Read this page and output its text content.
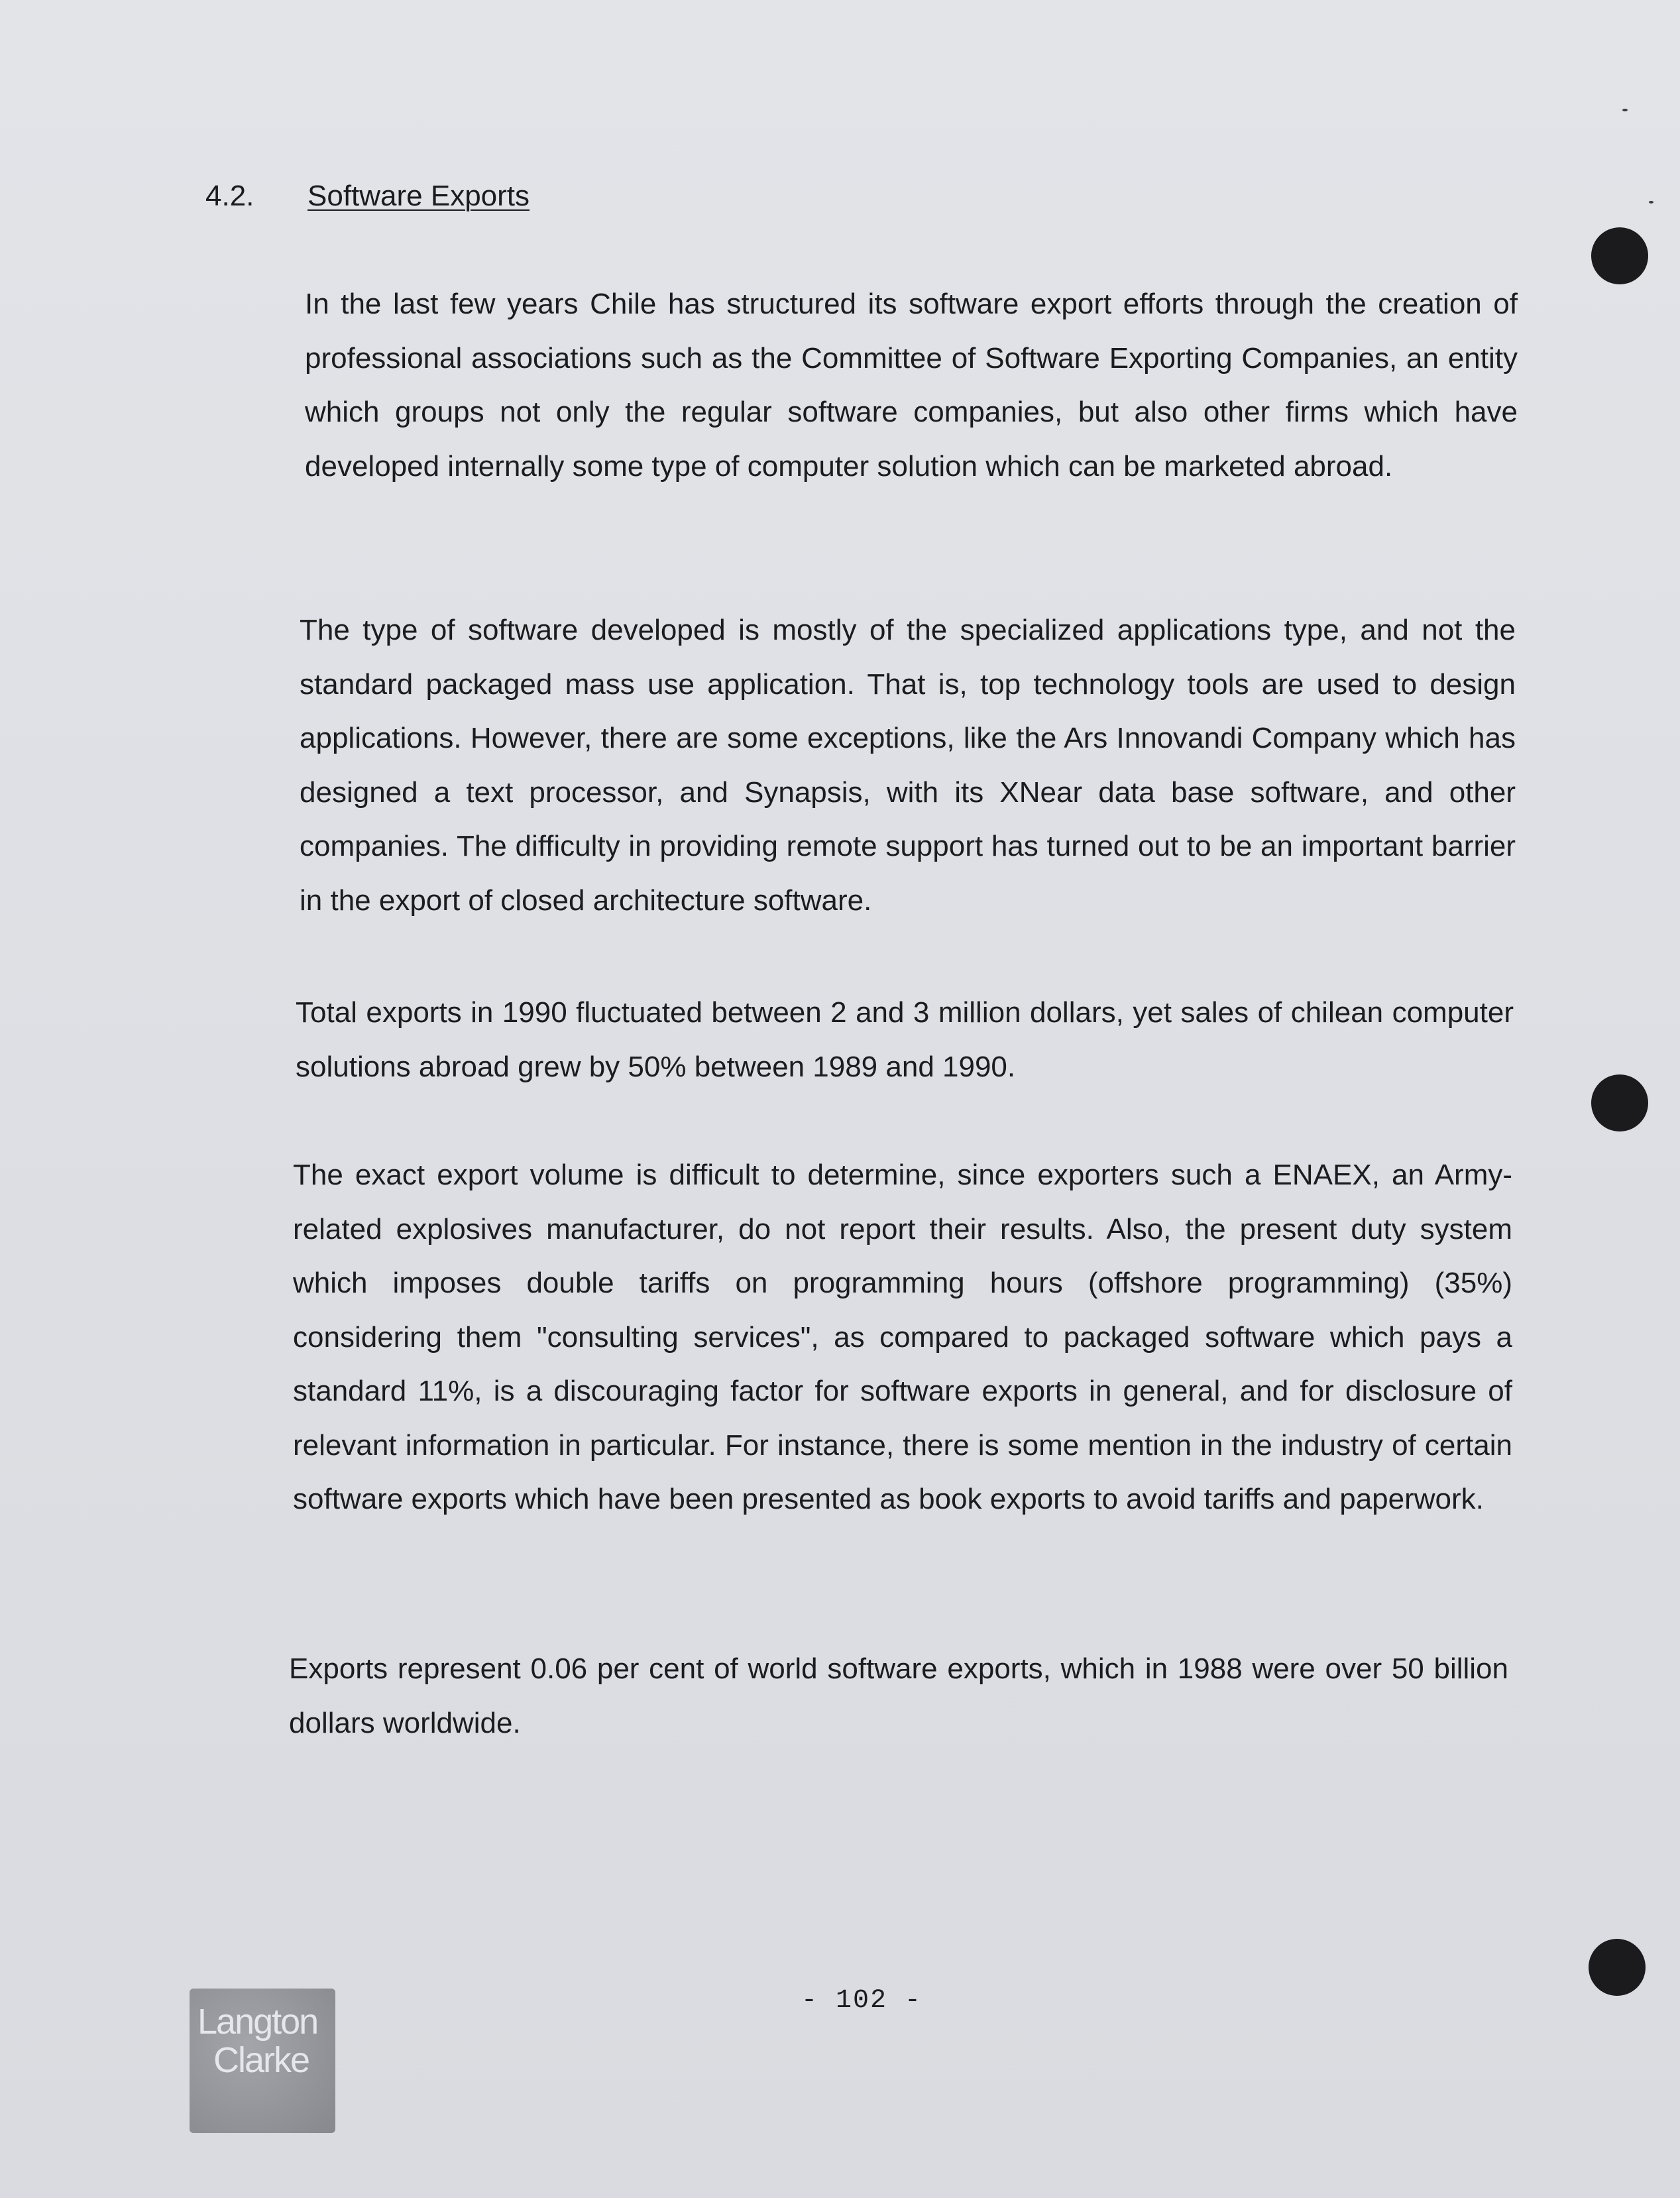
4.2.	Software Exports

In the last few years Chile has structured its software export efforts through the creation of professional associations such as the Committee of Software Exporting Companies, an entity which groups not only the regular software companies, but also other firms which have developed internally some type of computer solution which can be marketed abroad.

The type of software developed is mostly of the specialized applications type, and not the standard packaged mass use application. That is, top technology tools are used to design applications. However, there are some exceptions, like the Ars Innovandi Company which has designed a text processor, and Synapsis, with its XNear data base software, and other companies. The difficulty in providing remote support has turned out to be an important barrier in the export of closed architecture software.

Total exports in 1990 fluctuated between 2 and 3 million dollars, yet sales of chilean computer solutions abroad grew by 50% between 1989 and 1990.

The exact export volume is difficult to determine, since exporters such a ENAEX, an Army-related explosives manufacturer, do not report their results. Also, the present duty system which imposes double tariffs on programming hours (offshore programming) (35%) considering them "consulting services", as compared to packaged software which pays a standard 11%, is a discouraging factor for software exports in general, and for disclosure of relevant information in particular. For instance, there is some mention in the industry of certain software exports which have been presented as book exports to avoid tariffs and paperwork.

Exports represent 0.06 per cent of world software exports, which in 1988 were over 50 billion dollars worldwide.

Langton
Clarke
- 102 -
